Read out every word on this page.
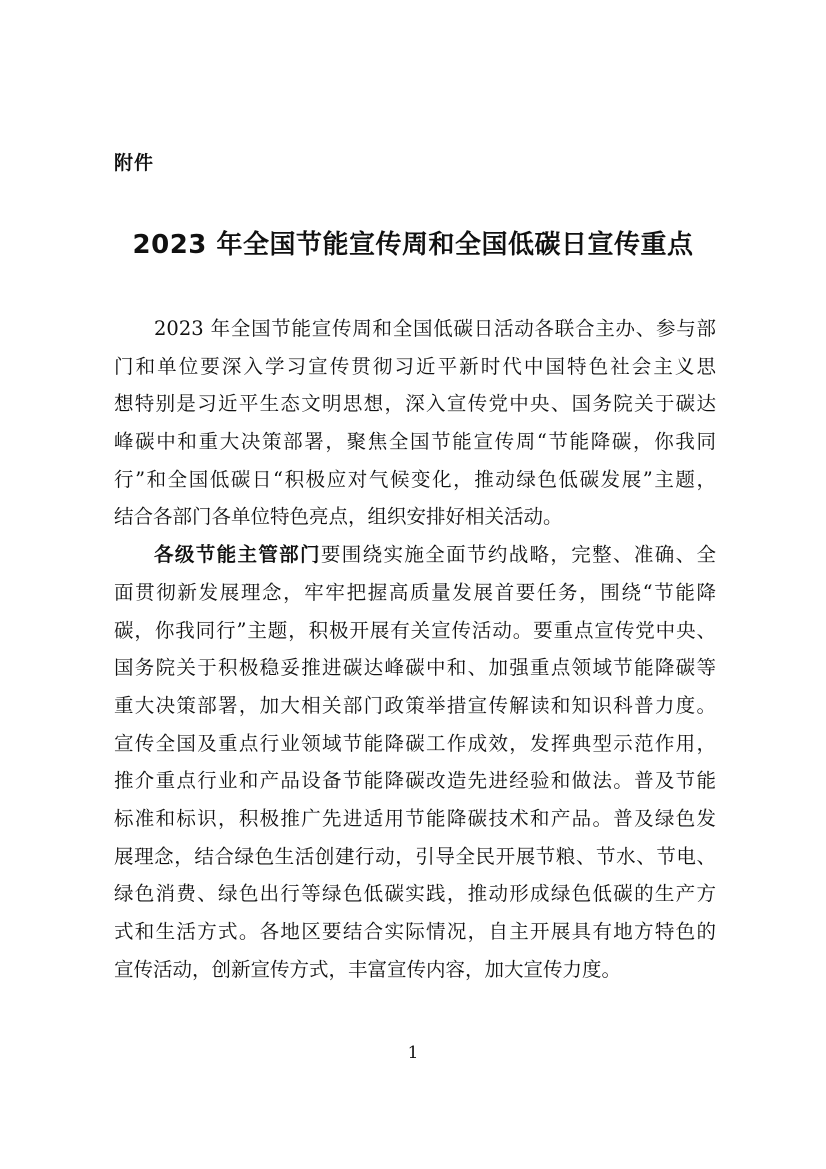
附件
2023 年全国节能宣传周和全国低碳日宣传重点
2023 年全国节能宣传周和全国低碳日活动各联合主办、参与部
门和单位要深入学习宣传贯彻习近平新时代中国特色社会主义思
想特别是习近平生态文明思想，深入宣传党中央、国务院关于碳达
峰碳中和重大决策部署，聚焦全国节能宣传周“节能降碳，你我同
行”和全国低碳日“积极应对气候变化，推动绿色低碳发展”主题，
结合各部门各单位特色亮点，组织安排好相关活动。
各级节能主管部门要围绕实施全面节约战略，完整、准确、全
面贯彻新发展理念，牢牢把握高质量发展首要任务，围绕“节能降
碳，你我同行”主题，积极开展有关宣传活动。要重点宣传党中央、
国务院关于积极稳妥推进碳达峰碳中和、加强重点领域节能降碳等
重大决策部署，加大相关部门政策举措宣传解读和知识科普力度。
宣传全国及重点行业领域节能降碳工作成效，发挥典型示范作用，
推介重点行业和产品设备节能降碳改造先进经验和做法。普及节能
标准和标识，积极推广先进适用节能降碳技术和产品。普及绿色发
展理念，结合绿色生活创建行动，引导全民开展节粮、节水、节电、
绿色消费、绿色出行等绿色低碳实践，推动形成绿色低碳的生产方
式和生活方式。各地区要结合实际情况，自主开展具有地方特色的
宣传活动，创新宣传方式，丰富宣传内容，加大宣传力度。
1
